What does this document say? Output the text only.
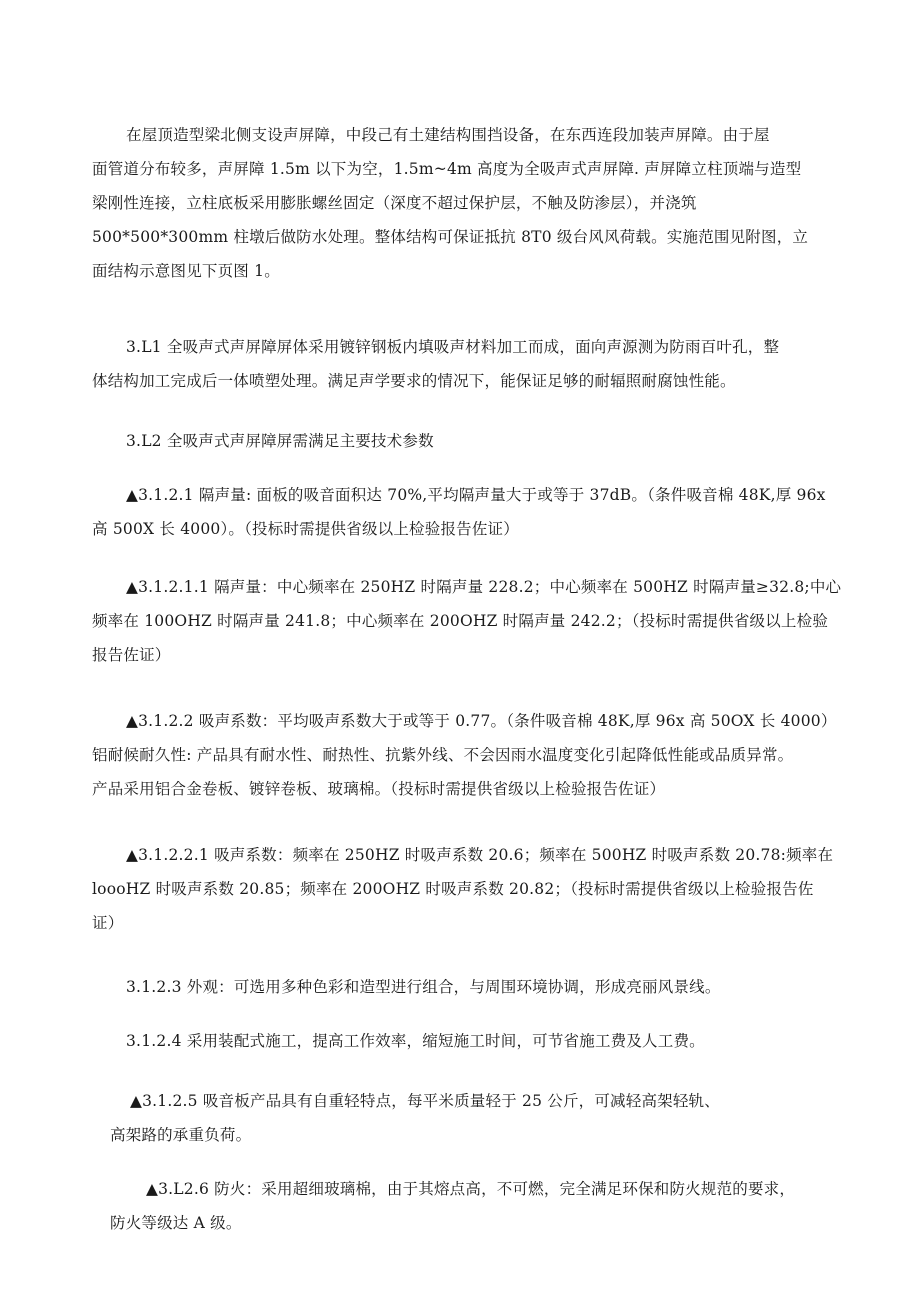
在屋顶造型梁北侧支设声屏障，中段己有土建结构围挡设备，在东西连段加装声屏障。由于屋
面管道分布较多，声屏障 1.5m 以下为空，1.5m~4m 高度为全吸声式声屏障. 声屏障立柱顶端与造型
梁刚性连接，立柱底板采用膨胀螺丝固定（深度不超过保护层，不触及防渗层），并浇筑
500*500*300mm 柱墩后做防水处理。整体结构可保证抵抗 8T0 级台风风荷载。实施范围见附图，立
面结构示意图见下页图 1。
3.L1 全吸声式声屏障屏体采用镀锌钢板内填吸声材料加工而成，面向声源测为防雨百叶孔，整
体结构加工完成后一体喷塑处理。满足声学要求的情况下，能保证足够的耐辐照耐腐蚀性能。
3.L2 全吸声式声屏障屏需满足主要技术参数
▲3.1.2.1 隔声量: 面板的吸音面积达 70%,平均隔声量大于或等于 37dB。（条件吸音棉 48K,厚 96x
高 500X 长 4000）。（投标时需提供省级以上检验报告佐证）
▲3.1.2.1.1 隔声量：中心频率在 250HZ 时隔声量 228.2；中心频率在 500HZ 时隔声量≥32.8;中心
频率在 100OHZ 时隔声量 241.8；中心频率在 200OHZ 时隔声量 242.2；（投标时需提供省级以上检验
报告佐证）
▲3.1.2.2 吸声系数：平均吸声系数大于或等于 0.77。（条件吸音棉 48K,厚 96x 高 50OX 长 4000）
铝耐候耐久性: 产品具有耐水性、耐热性、抗紫外线、不会因雨水温度变化引起降低性能或品质异常。
产品采用铝合金卷板、镀锌卷板、玻璃棉。（投标时需提供省级以上检验报告佐证）
▲3.1.2.2.1 吸声系数：频率在 250HZ 时吸声系数 20.6；频率在 500HZ 时吸声系数 20.78:频率在
loooHZ 时吸声系数 20.85；频率在 200OHZ 时吸声系数 20.82；（投标时需提供省级以上检验报告佐
证）
3.1.2.3 外观：可选用多种色彩和造型进行组合，与周围环境协调，形成亮丽风景线。
3.1.2.4 采用装配式施工，提高工作效率，缩短施工时间，可节省施工费及人工费。
▲3.1.2.5 吸音板产品具有自重轻特点，每平米质量轻于 25 公斤，可减轻高架轻轨、
高架路的承重负荷。
▲3.L2.6 防火：采用超细玻璃棉，由于其熔点高，不可燃，完全满足环保和防火规范的要求，
防火等级达 A 级。
